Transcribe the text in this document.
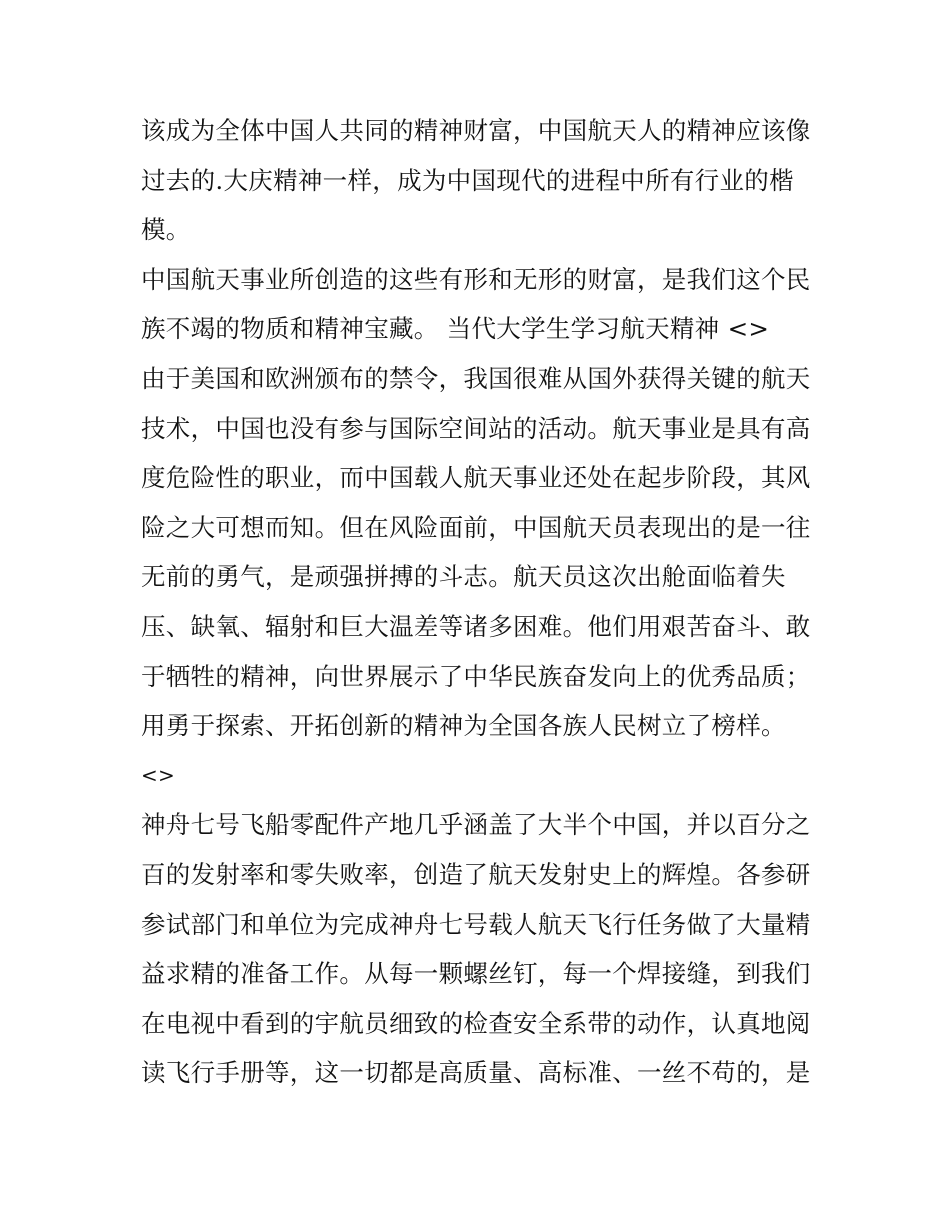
该成为全体中国人共同的精神财富，中国航天人的精神应该像
过去的.大庆精神一样，成为中国现代的进程中所有行业的楷
模。
中国航天事业所创造的这些有形和无形的财富，是我们这个民
族不竭的物质和精神宝藏。 当代大学生学习航天精神 <>
由于美国和欧洲颁布的禁令，我国很难从国外获得关键的航天
技术，中国也没有参与国际空间站的活动。航天事业是具有高
度危险性的职业，而中国载人航天事业还处在起步阶段，其风
险之大可想而知。但在风险面前，中国航天员表现出的是一往
无前的勇气，是顽强拼搏的斗志。航天员这次出舱面临着失
压、缺氧、辐射和巨大温差等诸多困难。他们用艰苦奋斗、敢
于牺牲的精神，向世界展示了中华民族奋发向上的优秀品质；
用勇于探索、开拓创新的精神为全国各族人民树立了榜样。
<>
神舟七号飞船零配件产地几乎涵盖了大半个中国，并以百分之
百的发射率和零失败率，创造了航天发射史上的辉煌。各参研
参试部门和单位为完成神舟七号载人航天飞行任务做了大量精
益求精的准备工作。从每一颗螺丝钉，每一个焊接缝，到我们
在电视中看到的宇航员细致的检查安全系带的动作，认真地阅
读飞行手册等，这一切都是高质量、高标准、一丝不苟的，是
